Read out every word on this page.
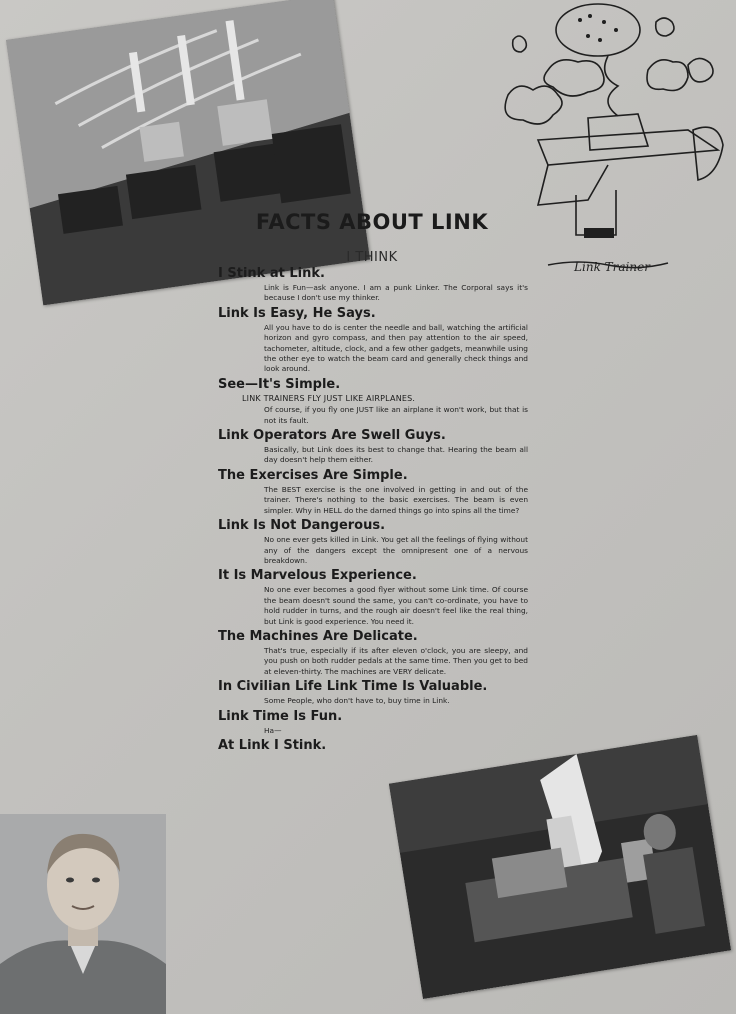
Link Trainer
FACTS ABOUT LINK
I THINK

I Stink at Link.

Link is Fun—ask anyone. I am a punk Linker. The Corporal says it's because I don't use my thinker.

Link Is Easy, He Says.

All you have to do is center the needle and ball, watching the artificial horizon and gyro compass, and then pay attention to the air speed, tachometer, altitude, clock, and a few other gadgets, meanwhile using the other eye to watch the beam card and generally check things and look around.

See—It's Simple.

LINK TRAINERS FLY JUST LIKE AIRPLANES.

Of course, if you fly one JUST like an airplane it won't work, but that is not its fault.

Link Operators Are Swell Guys.

Basically, but Link does its best to change that. Hearing the beam all day doesn't help them either.

The Exercises Are Simple.

The BEST exercise is the one involved in getting in and out of the trainer. There's nothing to the basic exercises. The beam is even simpler. Why in HELL do the darned things go into spins all the time?

Link Is Not Dangerous.

No one ever gets killed in Link. You get all the feelings of flying without any of the dangers except the omnipresent one of a nervous breakdown.

It Is Marvelous Experience.

No one ever becomes a good flyer without some Link time. Of course the beam doesn't sound the same, you can't co-ordinate, you have to hold rudder in turns, and the rough air doesn't feel like the real thing, but Link is good experience. You need it.

The Machines Are Delicate.

That's true, especially if its after eleven o'clock, you are sleepy, and you push on both rudder pedals at the same time. Then you get to bed at eleven-thirty. The machines are VERY delicate.

In Civilian Life Link Time Is Valuable.

Some People, who don't have to, buy time in Link.

Link Time Is Fun.

Ha—

At Link I Stink.
